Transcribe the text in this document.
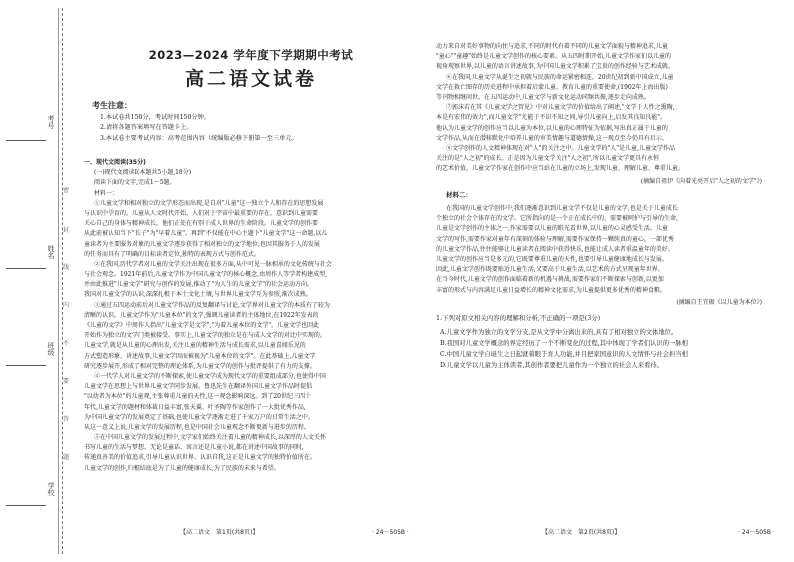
考号
姓名
班级
学校
密
封
线
内
不
要
答
题
2023—2024 学年度下学期期中考试
高二语文试卷
考生注意：
1.本试卷共150分，考试时间150分钟。
2.请将各题答案填写在答题卡上。
3.本试卷主要考试内容：高考范围内容（统编版必修下册第一至三单元。
一、现代文阅读(35分)
(一)现代文阅读Ⅰ(本题共5小题,18分)
阅读下面的文字,完成1～5题。
材料一：
①儿童文学和相对独立的文学形态而出现,是自对"儿童"这一独立个人和存在的思想发展
与认识中孕育的。儿童从人文时代开始，人们对于宇宙中最重要的存在，意识到儿童需要
关心自己的身体与精神成长，他们正处在有别于成人世界的生命阶段。儿童文学的创作要
从此前被认知当下"长子"为"早着儿童"。再到"不仅能在中心主题下"儿童文学"这一命题,以儿
童读者为主要服务对象的儿童文学逐步获得了相对独立的文学地位,也因其服务于人的发展
的任务而具有了明确的目标读者定位,独特的表现方式与创作范式。
②在我国,历代学者对儿童的文学关注出现在很多方面,从中可见一脉相承的文化传统与社会
与社会观念。1921年前后,儿童文学作为中国儿童文学的核心概念,由周作人等学者构建成型,
并由此推进"儿童文学"研究与创作的发展,推动了"为人生的儿童文学"的社会运动方向。
我国对儿童文学的认识,深深扎根于本土文化土壤,与世界儿童文学互为参照,渐次成熟。
③通过五四运动前后对儿童文学作品的反复翻译与讨论,文学界对儿童文学的本质有了较为
清晰的认识。儿童文学作为"儿童本位"的文学,强调儿童读者的主体地位,在1922年发表的
《儿童的文学》中周作人指出"儿童文学是文学","为着儿童本位的文学"。儿童文学也因此
开始作为独立的文学门类被接受。事实上,儿童文学的独立是在与成人文学的对比中实现的。
儿童文学,就是从儿童的心理出发,关注儿童的精神生活与成长需求,以儿童喜闻乐见的
方式塑造形象、讲述故事,儿童文学因而被视为"儿童本位的文学"。在此基础上,儿童文学
研究逐步展开,形成了相对完整的理论体系,为儿童文学的创作与批评提供了有力的支撑。
④一代学人对儿童文学的不断探索,使儿童文学成为现代文学的重要组成部分,也使得中国
儿童文学在思想上与世界儿童文学同步发展。鲁迅先生在翻译外国儿童文学作品时提倡
"以幼者为本位"的儿童观,主张尊重儿童的天性,这一观念影响深远。到了20世纪三四十
年代,儿童文学的题材和体裁日益丰富,张天翼、叶圣陶等作家创作了一大批优秀作品,
为中国儿童文学的发展奠定了基础,也使儿童文学逐渐走进了千家万户的日常生活之中。
从这一意义上说,儿童文学的发展历程,也是中国社会儿童观念不断更新与进步的历程。
⑤在中国儿童文学的发展过程中,文学家们始终关注着儿童的精神成长,以深厚的人文关怀
书写儿童的生活与梦想。无论是童话、寓言还是儿童小说,都在讲述中国故事的同时,
传递真善美的价值追求,引导儿童认识世界、认识自我,这正是儿童文学的独特价值所在。
儿童文学的创作,归根结底是为了儿童的健康成长,为了民族的未来与希望。
【高二语文　第1页(共8页)】	· 24－505B ·
动力来自对美好事物的向往与追求,不同的时代有着不同的儿童文学面貌与精神追求,儿童
"童心""童趣"始终是儿童文学创作的核心要素。从五四时期开始,儿童文学作家们以儿童的
视角观察世界,以儿童的语言讲述故事,为中国儿童文学积累了宝贵的创作经验与艺术成就。
⑥在我国,儿童文学从诞生之初就与民族的命运紧密相连。20世纪初到新中国成立,儿童
文学在救亡图存的历史进程中承担着启蒙儿童、教育儿童的重要使命,(1902年上海出版)
等刊物相继问世。在五四运动中,儿童文学与新文化运动同频共振,逐步走向成熟。
⑦郭沫若在其《儿童文学之管见》中对儿童文学的价值给出了阐述,"文学于人性之熏陶,
本是有宏伟的效力",而儿童文学"尤能于不识不知之间,导引儿童向上,启发其良知良能"。
他认为儿童文学的创作应当以儿童为本位,以儿童的心理特征为依据,写出真正属于儿童的
文学作品,从而在潜移默化中培养儿童的审美情趣与道德情操,这一观点至今仍具有启示。
⑧文学创作的人文精神体现在对"人"的关注之中。儿童文学的"人"是儿童,儿童文学作品
关注的是"人之初"的成长。正是因为儿童文学关注"人之初",所以儿童文学更具有永恒
的艺术价值。儿童文学作家在创作中应当站在儿童的立场上,发现儿童、理解儿童、尊重儿童。
(摘编自祖伊《向着光亮开启"人之初的文学"》)
材料二：
在我国的儿童文学创作中,我们逐渐意识到儿童文学不仅是儿童的文学,也是关于儿童成长
个独立的社会个体存在的文学。它所指向的是一个正在成长中的、需要被呵护与引导的生命,
儿童是文学创作的主体之一,作家需要以儿童的眼光看世界,以儿童的心灵感受生活。儿童
文学的写作,需要作家对童年有深刻的体验与理解,需要作家保持一颗纯真的童心。一部优秀
的儿童文学作品,往往能够让儿童读者在阅读中获得快乐,也能让成人读者重温童年的美好。
儿童文学的创作应当是多元的,它既要尊重儿童的天性,也要引导儿童健康地成长与发展。
因此,儿童文学创作既要贴近儿童生活,又要高于儿童生活,以艺术的方式呈现童年世界。
在当今时代,儿童文学的创作面临着新的机遇与挑战,需要作家们不断探索与创新,以更加
丰富的形式与内容满足儿童日益增长的精神文化需求,为儿童提供更多优秀的精神食粮。
(摘编自王宜振《以儿童为本位》)
1.下列对原文相关内容的理解和分析,不正确的一项是(3分)
A.儿童文学作为独立的文学分支,是从文学中分离出来的,具有了相对独立的文体地位。
B.我国对儿童文学概念的界定经历了一个不断变化的过程,其中体现了学者们认识的一脉相
C.中国儿童文学自诞生之日起就着眼于育人功能,并且把家国意识的人文情怀与社会担当相
D.儿童文学以儿童为主体读者,其创作者要把儿童作为一个独立的社会人来看待。
【高二语文　第2页(共8页)】	· 24－505B ·
